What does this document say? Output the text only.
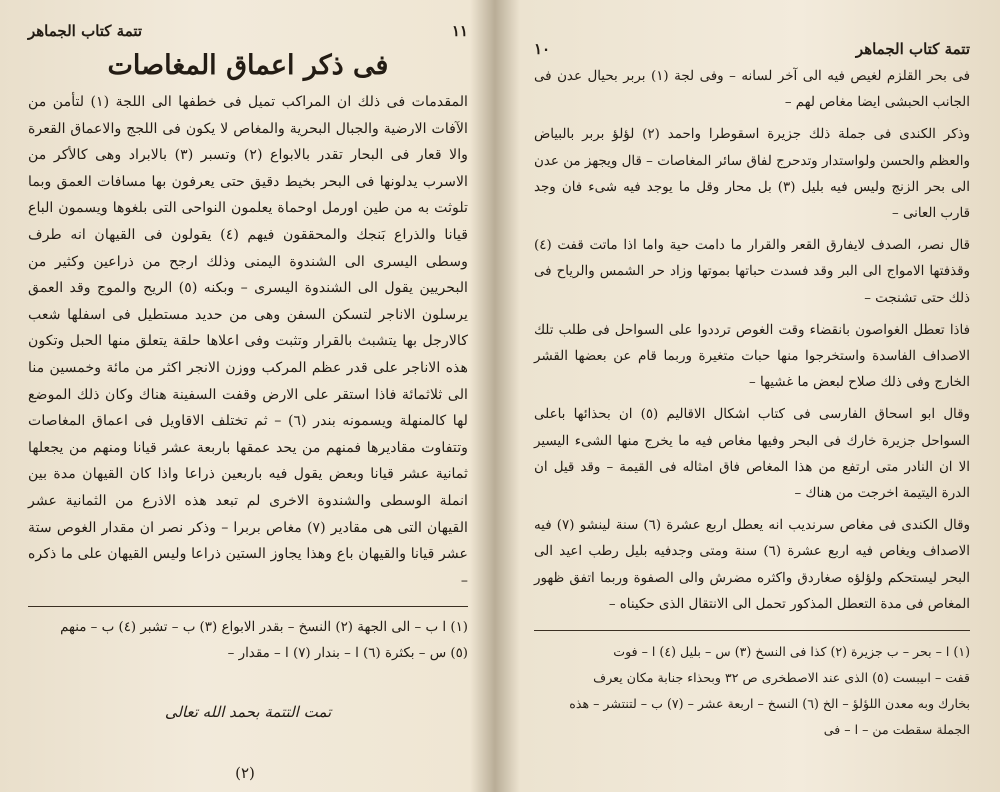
تتمة كتاب الجماهر	١١
فى ذكر اعماق المغاصات

المقدمات فى ذلك ان المراكب تميل فى خطفها الى اللجة (١) لتأمن من الآفات الارضية والجبال البحرية والمغاص لا يكون فى اللجج والاعماق القعرة والا قعار فى البحار تقدر بالابواع (٢) وتسبر (٣) بالابراد وهى كالأكر من الاسرب يدلونها فى البحر بخيط دقيق حتى يعرفون بها مسافات العمق وبما تلوثت به من طين اورمل اوحماة يعلمون النواحى التى بلغوها ويسمون الباع قيانا والذراع بَنجك والمحققون فيهم (٤) يقولون فى القيهان انه طرف وسطى اليسرى الى الشندوة اليمنى وذلك ارجح من ذراعين وكثير من البحريين يقول الى الشندوة اليسرى – وبكنه (٥) الريح والموج وقد العمق يرسلون الاناجر لتسكن السفن وهى من حديد مستطيل فى اسفلها شعب كالارجل بها يتشبث بالقرار وتثبت وفى اعلاها حلقة يتعلق منها الحبل وتكون هذه الاناجر على قدر عظم المركب ووزن الانجر اكثر من مائة وخمسين منا الى ثلاثمائة فاذا استقر على الارض وقفت السفينة هناك وكان ذلك الموضع لها كالمنهلة ويسمونه بندر (٦) – ثم تختلف الاقاويل فى اعماق المغاصات وتتفاوت مقاديرها فمنهم من يحد عمقها باربعة عشر قيانا ومنهم من يجعلها ثمانية عشر قيانا وبعض يقول فيه باربعين ذراعا واذا كان القيهان مدة بين انملة الوسطى والشندوة الاخرى لم تبعد هذه الاذرع من الثمانية عشر القيهان التى هى مقادير (٧) مغاص بربرا – وذكر نصر ان مقدار الغوص ستة عشر قيانا والقيهان باع وهذا يجاوز الستين ذراعا وليس القيهان على ما ذكره –

(١) ا ب – الى الجهة (٢) النسخ – بقدر الابواع (٣) ب – تشبر (٤) ب – منهم

(٥) س – بكثرة (٦) ا – بندار (٧) ا – مقدار –

تمت التتمة بحمد الله تعالى
(٢)
١٠	تتمة كتاب الجماهر

فى بحر القلزم لغيص فيه الى آخر لسانه – وفى لجة (١) بربر بحيال عدن فى الجانب الحبشى ايضا مغاص لهم –

وذكر الكندى فى جملة ذلك جزيرة اسقوطرا واحمد (٢) لؤلؤ بربر بالبياض والعظم والحسن ولواستدار وتدحرج لفاق سائر المغاصات – قال ويجهز من عدن الى بحر الزنج وليس فيه بليل (٣) بل محار وقل ما يوجد فيه شىء فان وجد قارب العانى –

قال نصر، الصدف لايفارق القعر والقرار ما دامت حية واما اذا ماتت قفت (٤) وقذفتها الامواج الى البر وقد فسدت حباتها بموتها وزاد حر الشمس والرياح فى ذلك حتى تشنجت –

فاذا تعطل الغواصون بانقضاء وقت الغوص ترددوا على السواحل فى طلب تلك الاصداف الفاسدة واستخرجوا منها حبات متغيرة وربما قام عن بعضها القشر الخارج وفى ذلك صلاح لبعض ما غشيها –

وقال ابو اسحاق الفارسى فى كتاب اشكال الاقاليم (٥) ان بحذائها باعلى السواحل جزيرة خارك فى البحر وفيها مغاص فيه ما يخرج منها الشىء اليسير الا ان النادر متى ارتفع من هذا المغاص فاق امثاله فى القيمة – وقد قيل ان الدرة اليتيمة اخرجت من هناك –

وقال الكندى فى مغاص سرنديب انه يعطل اربع عشرة (٦) سنة لينشو (٧) فيه الاصداف ويغاص فيه اربع عشرة (٦) سنة ومتى وجدفيه بليل رطب اعيد الى البحر ليستحكم ولؤلؤه صغاردق واكثره مضرش والى الصفوة وربما اتفق ظهور المغاص فى مدة التعطل المذكور تحمل الى الانتقال الذى حكيناه –

(١) ا – بحر – ب جزيرة (٢) كذا فى النسخ (٣) س – بليل (٤) ا – فوت

قفت – اىيبست (٥) الذى عند الاصطخرى ص ٣٢ وبحذاء جنابة مكان يعرف

بخارك وبه معدن اللؤلؤ – الخ (٦) النسخ – اربعة عشر – (٧) ب – لتنتشر – هذه

الجملة سقطت من – ا – فى
